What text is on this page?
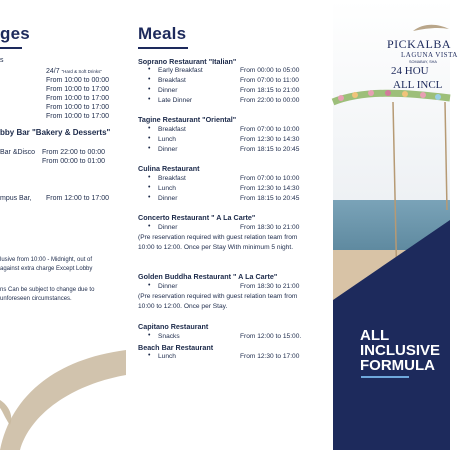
ges
s
24/7 "Hard & Soft Drinks"
From 10:00 to 00:00
From 10:00 to 17:00
From 10:00 to 17:00
From 10:00 to 17:00
From 10:00 to 17:00
bby Bar "Bakery & Desserts"
Bar &Disco From 22:00 to 00:00
From 00:00 to 01:00
mpus Bar, From 12:00 to 17:00
lusive from 10:00 - Midnight, out of
against extra charge Except Lobby
ns Can be subject to change due to
unforeseen circumstances.
Meals
Soprano Restaurant "Italian"
• Early Breakfast	From 00:00 to 05:00
• Breakfast	From 07:00 to 11:00
• Dinner	From 18:15 to 21:00
• Late Dinner	From 22:00 to 00:00
Tagine Restaurant "Oriental"
• Breakfast	From 07:00 to 10:00
• Lunch	From 12:30 to 14:30
• Dinner	From 18:15 to 20:45
Culina Restaurant
• Breakfast	From 07:00 to 10:00
• Lunch	From 12:30 to 14:30
• Dinner	From 18:15 to 20:45
Concerto Restaurant " A La Carte"
• Dinner	From 18:30 to 21:00
(Pre reservation required with guest relation team from 10:00 to 12:00. Once per Stay With minimum 5 night.
Golden Buddha Restaurant " A La Carte"
• Dinner	From 18:30 to 21:00
(Pre reservation required with guest relation team from 10:00 to 12:00. Once per Stay.
Capitano Restaurant
• Snacks	From 12:00 to 15:00.
Beach Bar Restaurant
• Lunch	From 12:30 to 17:00
PICKALBA
LAGUNA VISTA
SOMABAY, SHA
24 HOU
ALL INCL
ALL
INCLUSIVE
FORMULA
